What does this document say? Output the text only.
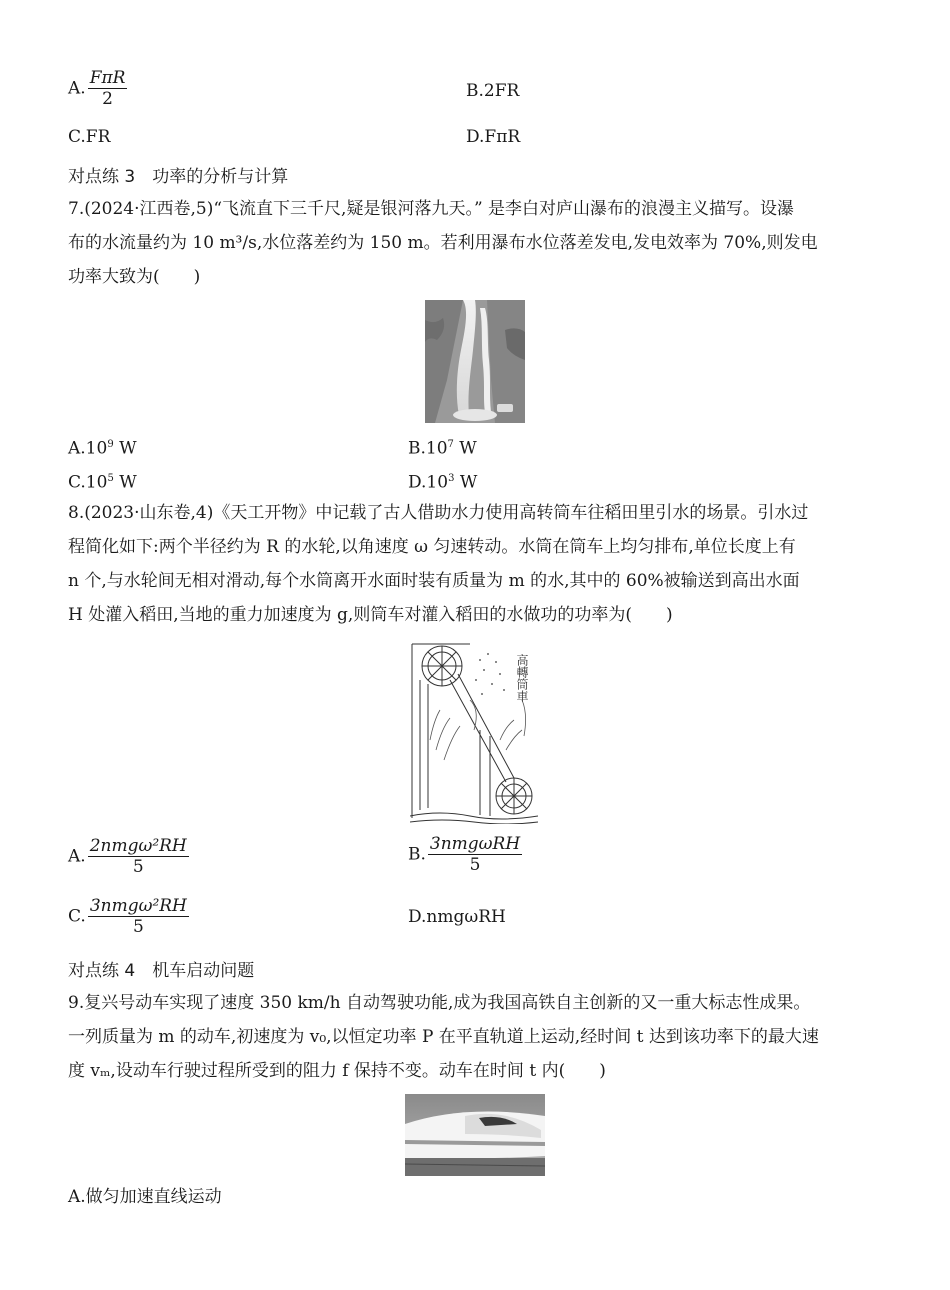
A. $\frac{\text{FπR}}{2}$	B.2FR
C.FR	D.FπR
对点练 3　功率的分析与计算
7.(2024·江西卷,5)“飞流直下三千尺,疑是银河落九天。” 是李白对庐山瀑布的浪漫主义描写。设瀑
布的水流量约为 10 m³/s,水位落差约为 150 m。若利用瀑布水位落差发电,发电效率为 70%,则发电
功率大致为(　　)
$A.10^9$ W	$B.10^7$ W
$C.10^5$ W	$D.10^3$ W
8.(2023·山东卷,4)《天工开物》中记载了古人借助水力使用高转筒车往稻田里引水的场景。引水过
程简化如下:两个半径约为 R 的水轮,以角速度 ω 匀速转动。水筒在筒车上均匀排布,单位长度上有
n 个,与水轮间无相对滑动,每个水筒离开水面时装有质量为 m 的水,其中的 60%被输送到高出水面
H 处灌入稻田,当地的重力加速度为 g,则筒车对灌入稻田的水做功的功率为(　　)
高轉筒車
A. $\frac{\text{2nmgω²RH}}{5}$	B. $\frac{\text{3nmgωRH}}{5}$
C. $\frac{\text{3nmgω²RH}}{5}$	D.nmgωRH
对点练 4　机车启动问题
9.复兴号动车实现了速度 350 km/h 自动驾驶功能,成为我国高铁自主创新的又一重大标志性成果。
一列质量为 m 的动车,初速度为 v₀,以恒定功率 P 在平直轨道上运动,经时间 t 达到该功率下的最大速
度 vₘ,设动车行驶过程所受到的阻力 f 保持不变。动车在时间 t 内(　　)
A.做匀加速直线运动
